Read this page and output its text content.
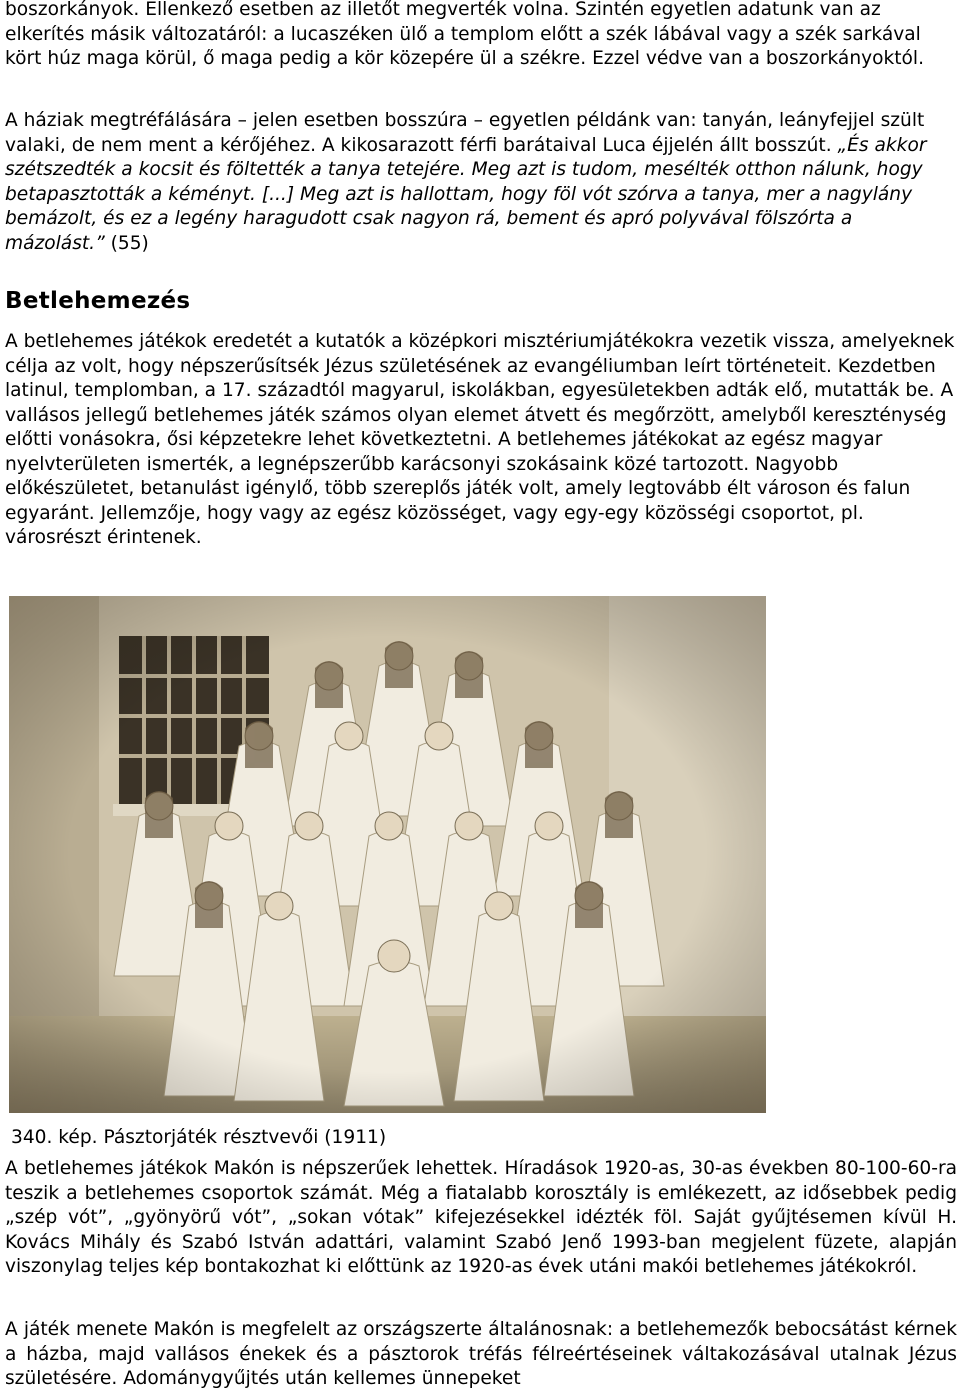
boszorkányok. Ellenkező esetben az illetőt megverték volna. Szintén egyetlen adatunk van az elkerítés másik változatáról: a lucaszéken ülő a templom előtt a szék lábával vagy a szék sarkával kört húz maga körül, ő maga pedig a kör közepére ül a székre. Ezzel védve van a boszorkányoktól.

A háziak megtréfálására – jelen esetben bosszúra – egyetlen példánk van: tanyán, leányfejjel szült valaki, de nem ment a kérőjéhez. A kikosarazott férfi barátaival Luca éjjelén állt bosszút. „És akkor szétszedték a kocsit és föltették a tanya tetejére. Meg azt is tudom, mesélték otthon nálunk, hogy betapasztották a kéményt. [...] Meg azt is hallottam, hogy föl vót szórva a tanya, mer a nagylány bemázolt, és ez a legény haragudott csak nagyon rá, bement és apró polyvával fölszórta a mázolást.” (55)

Betlehemezés

A betlehemes játékok eredetét a kutatók a középkori misztériumjátékokra vezetik vissza, amelyeknek célja az volt, hogy népszerűsítsék Jézus születésének az evangéliumban leírt történeteit. Kezdetben latinul, templomban, a 17. századtól magyarul, iskolákban, egyesületekben adták elő, mutatták be. A vallásos jellegű betlehemes játék számos olyan elemet átvett és megőrzött, amelyből kereszténység előtti vonásokra, ősi képzetekre lehet következtetni. A betlehemes játékokat az egész magyar nyelvterületen ismerték, a legnépszerűbb karácsonyi szokásaink közé tartozott. Nagyobb előkészületet, betanulást igénylő, több szereplős játék volt, amely legtovább élt városon és falun egyaránt. Jellemzője, hogy vagy az egész közösséget, vagy egy-egy közösségi csoportot, pl. városrészt érintenek.

340. kép. Pásztorjáték résztvevői (1911)

A betlehemes játékok Makón is népszerűek lehettek. Híradások 1920-as, 30-as években 80-100-60-ra teszik a betlehemes csoportok számát. Még a fiatalabb korosztály is emlékezett, az idősebbek pedig „szép vót”, „gyönyörű vót”, „sokan vótak” kifejezésekkel idézték föl. Saját gyűjtésemen kívül H. Kovács Mihály és Szabó István adattári, valamint Szabó Jenő 1993-ban megjelent füzete, alapján viszonylag teljes kép bontakozhat ki előttünk az 1920-as évek utáni makói betlehemes játékokról.

A játék menete Makón is megfelelt az országszerte általánosnak: a betlehemezők bebocsátást kérnek a házba, majd vallásos énekek és a pásztorok tréfás félreértéseinek váltakozásával utalnak Jézus születésére. Adománygyűjtés után kellemes ünnepeket
